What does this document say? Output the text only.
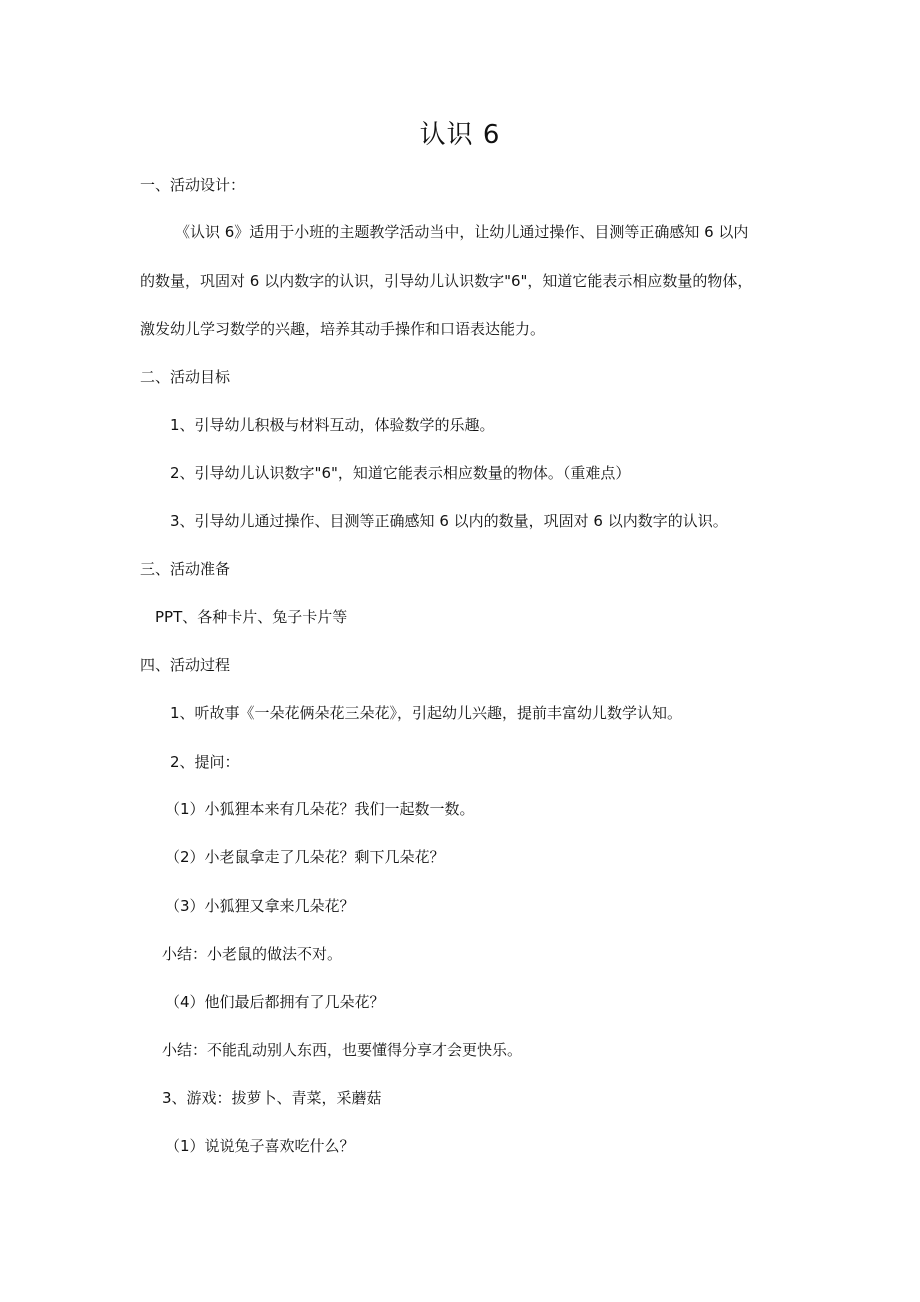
认识 6
一、活动设计：
《认识 6》适用于小班的主题教学活动当中，让幼儿通过操作、目测等正确感知 6 以内
的数量，巩固对 6 以内数字的认识，引导幼儿认识数字"6"，知道它能表示相应数量的物体，
激发幼儿学习数学的兴趣，培养其动手操作和口语表达能力。
二、活动目标
1、引导幼儿积极与材料互动，体验数学的乐趣。
2、引导幼儿认识数字"6"，知道它能表示相应数量的物体。（重难点）
3、引导幼儿通过操作、目测等正确感知 6 以内的数量，巩固对 6 以内数字的认识。
三、活动准备
PPT、各种卡片、兔子卡片等
四、活动过程
1、听故事《一朵花俩朵花三朵花》，引起幼儿兴趣，提前丰富幼儿数学认知。
2、提问：
（1）小狐狸本来有几朵花？我们一起数一数。
（2）小老鼠拿走了几朵花？剩下几朵花？
（3）小狐狸又拿来几朵花？
小结：小老鼠的做法不对。
（4）他们最后都拥有了几朵花？
小结：不能乱动别人东西，也要懂得分享才会更快乐。
3、游戏：拔萝卜、青菜，采蘑菇
（1）说说兔子喜欢吃什么？
